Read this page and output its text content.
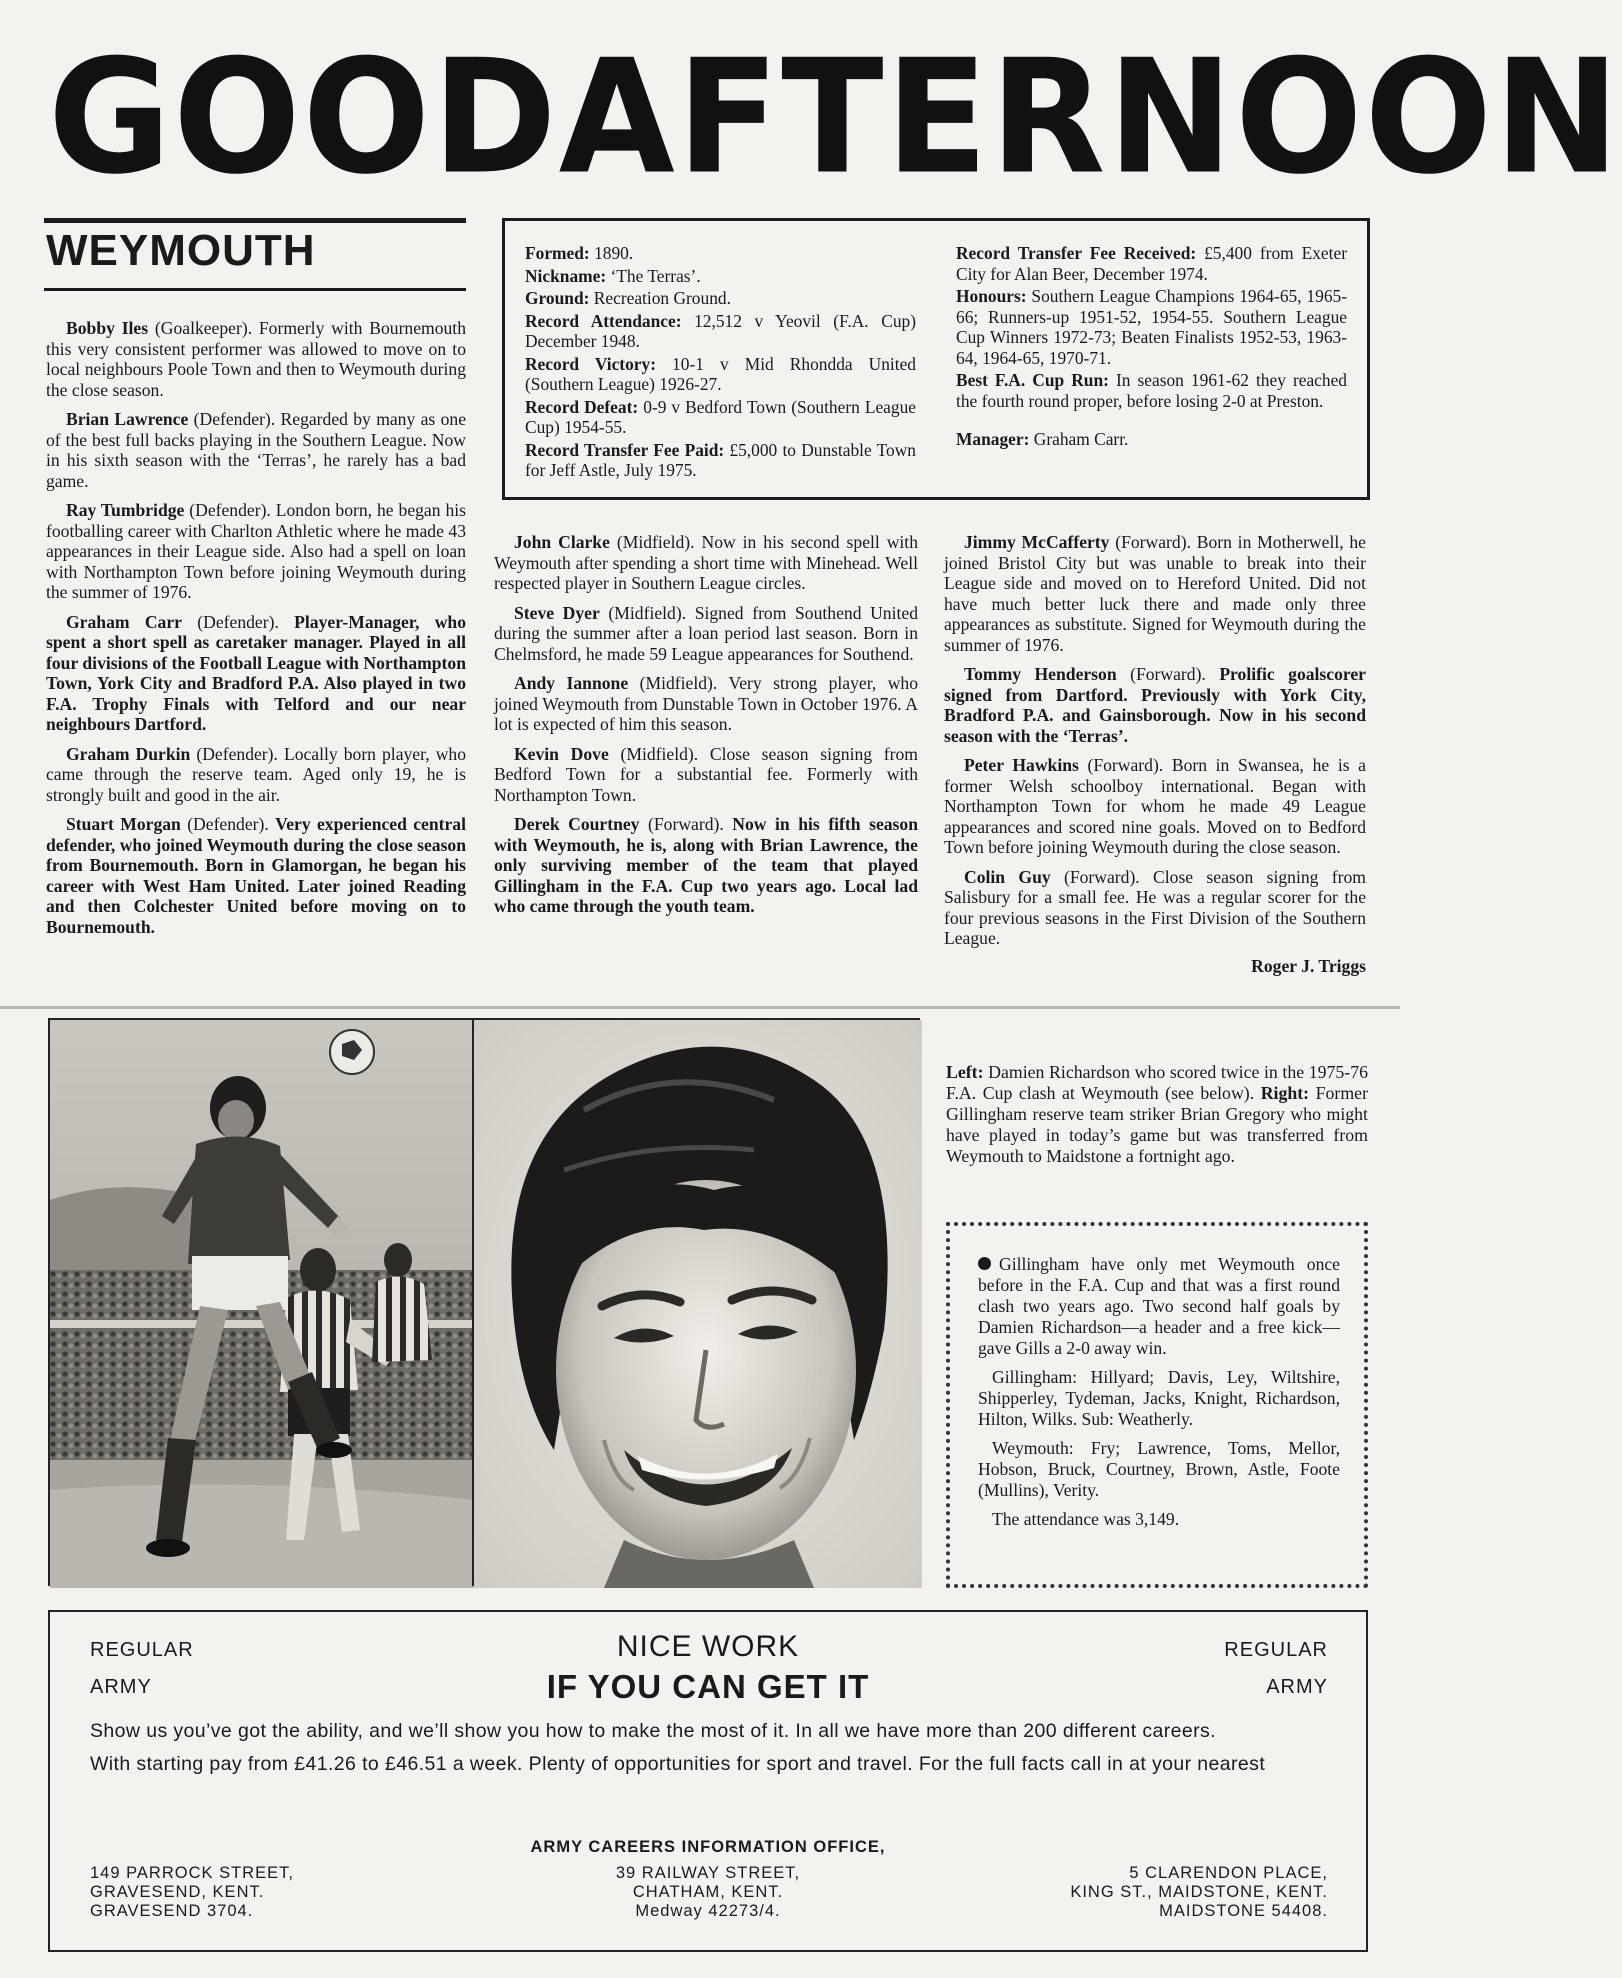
GOOD AFTERNOON
WEYMOUTH

Bobby Iles (Goalkeeper). Formerly with Bournemouth this very consistent performer was allowed to move on to local neighbours Poole Town and then to Weymouth during the close season.

Brian Lawrence (Defender). Regarded by many as one of the best full backs playing in the Southern League. Now in his sixth season with the ‘Terras’, he rarely has a bad game.

Ray Tumbridge (Defender). London born, he began his footballing career with Charlton Athletic where he made 43 appearances in their League side. Also had a spell on loan with Northampton Town before joining Weymouth during the summer of 1976.

Graham Carr (Defender). Player-Manager, who spent a short spell as caretaker manager. Played in all four divisions of the Football League with Northampton Town, York City and Bradford P.A. Also played in two F.A. Trophy Finals with Telford and our near neighbours Dartford.

Graham Durkin (Defender). Locally born player, who came through the reserve team. Aged only 19, he is strongly built and good in the air.

Stuart Morgan (Defender). Very experienced central defender, who joined Weymouth during the close season from Bournemouth. Born in Glamorgan, he began his career with West Ham United. Later joined Reading and then Colchester United before moving on to Bournemouth.

Formed: 1890.
Nickname: ‘The Terras’.
Ground: Recreation Ground.
Record Attendance: 12,512 v Yeovil (F.A. Cup) December 1948.
Record Victory: 10-1 v Mid Rhondda United (Southern League) 1926-27.
Record Defeat: 0-9 v Bedford Town (Southern League Cup) 1954-55.
Record Transfer Fee Paid: £5,000 to Dunstable Town for Jeff Astle, July 1975.
Record Transfer Fee Received: £5,400 from Exeter City for Alan Beer, December 1974.
Honours: Southern League Champions 1964-65, 1965-66; Runners-up 1951-52, 1954-55. Southern League Cup Winners 1972-73; Beaten Finalists 1952-53, 1963-64, 1964-65, 1970-71.
Best F.A. Cup Run: In season 1961-62 they reached the fourth round proper, before losing 2-0 at Preston.
Manager: Graham Carr.

John Clarke (Midfield). Now in his second spell with Weymouth after spending a short time with Minehead. Well respected player in Southern League circles.

Steve Dyer (Midfield). Signed from Southend United during the summer after a loan period last season. Born in Chelmsford, he made 59 League appearances for Southend.

Andy Iannone (Midfield). Very strong player, who joined Weymouth from Dunstable Town in October 1976. A lot is expected of him this season.

Kevin Dove (Midfield). Close season signing from Bedford Town for a substantial fee. Formerly with Northampton Town.

Derek Courtney (Forward). Now in his fifth season with Weymouth, he is, along with Brian Lawrence, the only surviving member of the team that played Gillingham in the F.A. Cup two years ago. Local lad who came through the youth team.

Jimmy McCafferty (Forward). Born in Motherwell, he joined Bristol City but was unable to break into their League side and moved on to Hereford United. Did not have much better luck there and made only three appearances as substitute. Signed for Weymouth during the summer of 1976.

Tommy Henderson (Forward). Prolific goalscorer signed from Dartford. Previously with York City, Bradford P.A. and Gainsborough. Now in his second season with the ‘Terras’.

Peter Hawkins (Forward). Born in Swansea, he is a former Welsh schoolboy international. Began with Northampton Town for whom he made 49 League appearances and scored nine goals. Moved on to Bedford Town before joining Weymouth during the close season.

Colin Guy (Forward). Close season signing from Salisbury for a small fee. He was a regular scorer for the four previous seasons in the First Division of the Southern League.

Roger J. Triggs
Left: Damien Richardson who scored twice in the 1975-76 F.A. Cup clash at Weymouth (see below). Right: Former Gillingham reserve team striker Brian Gregory who might have played in today’s game but was transferred from Weymouth to Maidstone a fortnight ago.

Gillingham have only met Weymouth once before in the F.A. Cup and that was a first round clash two years ago. Two second half goals by Damien Richardson—a header and a free kick—gave Gills a 2-0 away win.

Gillingham: Hillyard; Davis, Ley, Wiltshire, Shipperley, Tydeman, Jacks, Knight, Richardson, Hilton, Wilks. Sub: Weatherly.

Weymouth: Fry; Lawrence, Toms, Mellor, Hobson, Bruck, Courtney, Brown, Astle, Foote (Mullins), Verity.

The attendance was 3,149.

REGULAR
ARMY
REGULAR
ARMY
NICE WORK
IF YOU CAN GET IT

Show us you’ve got the ability, and we’ll show you how to make the most of it. In all we have more than 200 different careers.

With starting pay from £41.26 to £46.51 a week. Plenty of opportunities for sport and travel. For the full facts call in at your nearest

ARMY CAREERS INFORMATION OFFICE,
149 PARROCK STREET,
GRAVESEND, KENT.
GRAVESEND 3704.
39 RAILWAY STREET,
CHATHAM, KENT.
Medway 42273/4.
5 CLARENDON PLACE,
KING ST., MAIDSTONE, KENT.
MAIDSTONE 54408.
